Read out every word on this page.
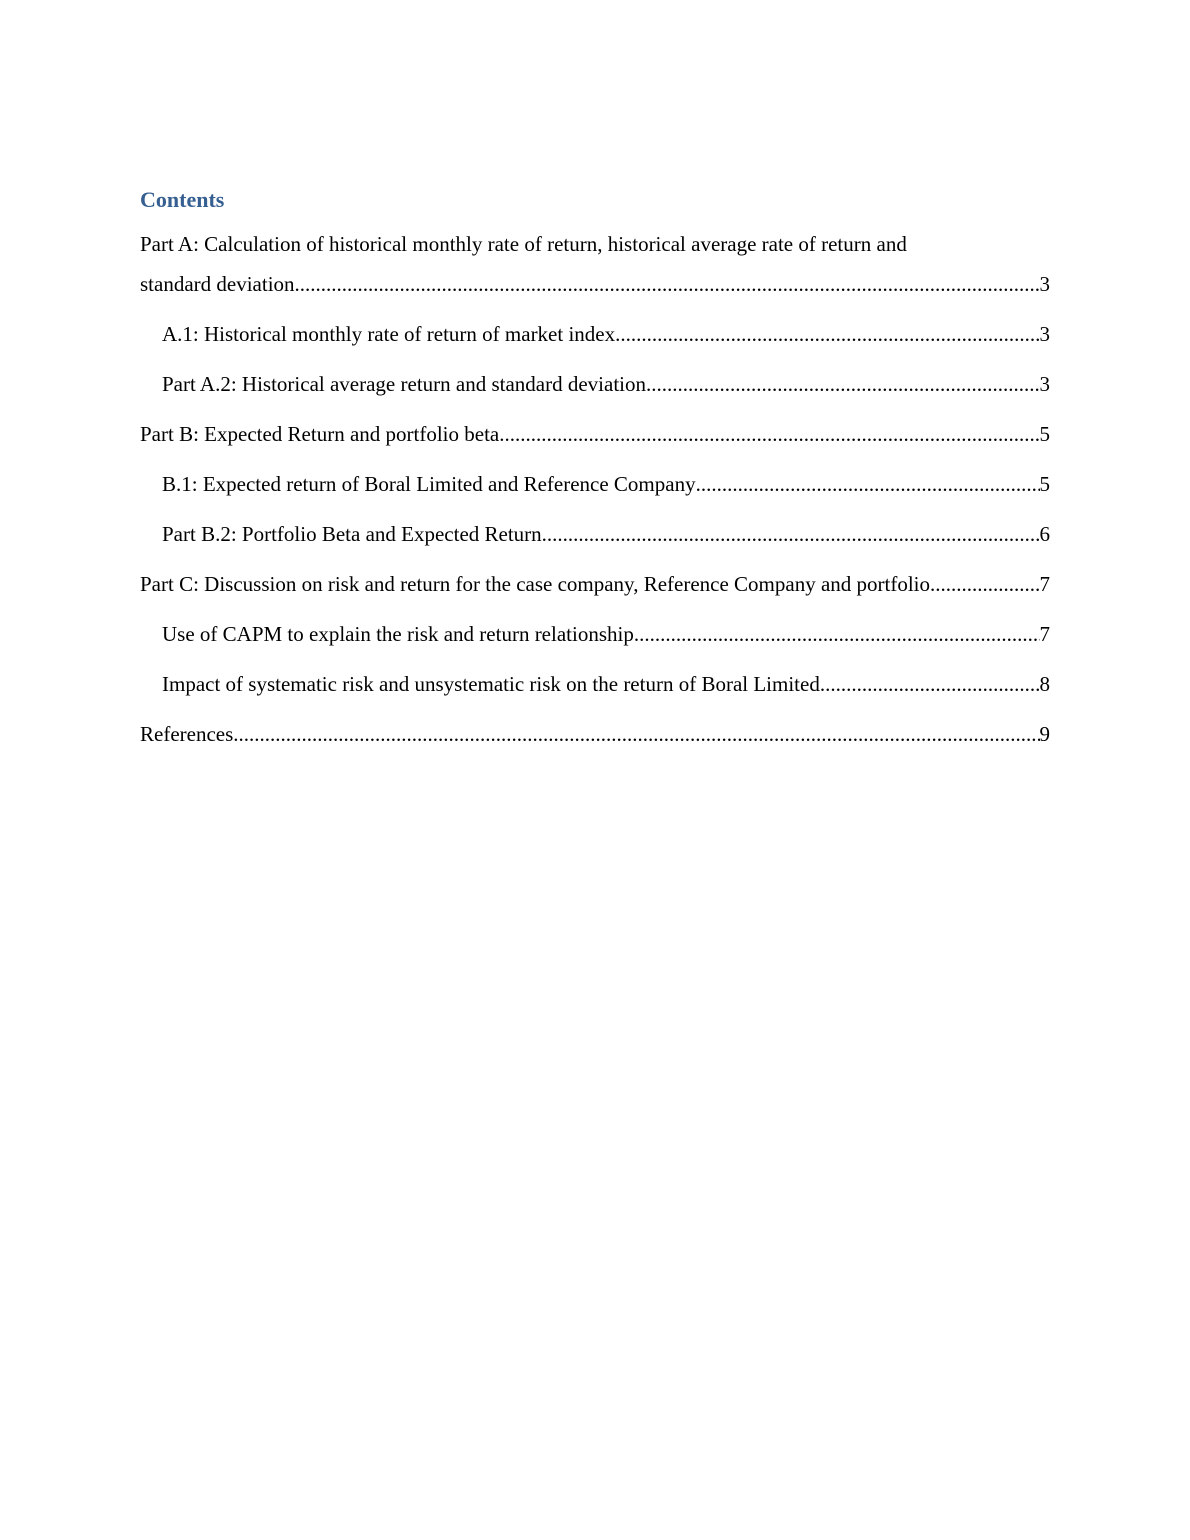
Contents
Part A: Calculation of historical monthly rate of return, historical average rate of return and
standard deviation .....	3
A.1: Historical monthly rate of return of market index .....	3
Part A.2: Historical average return and standard deviation .....	3
Part B: Expected Return and portfolio beta .....	5
B.1: Expected return of Boral Limited and Reference Company .....	5
Part B.2: Portfolio Beta and Expected Return .....	6
Part C: Discussion on risk and return for the case company, Reference Company and portfolio .....	7
Use of CAPM to explain the risk and return relationship .....	7
Impact of systematic risk and unsystematic risk on the return of Boral Limited .....	8
References .....	9
